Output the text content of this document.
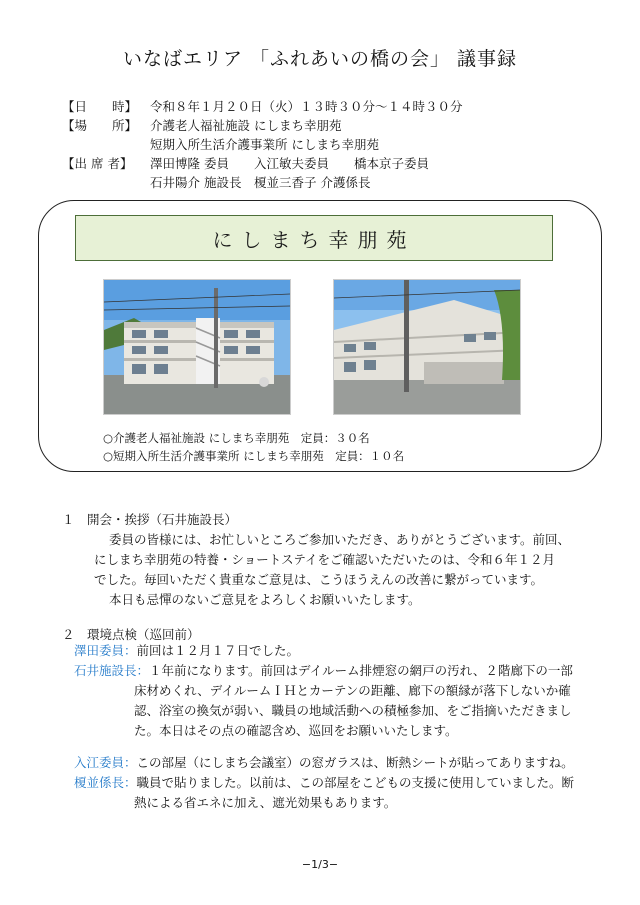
いなばエリア 「ふれあいの橋の会」 議事録
【日　　時】	令和８年１月２０日（火）１３時３０分〜１４時３０分
【場　　所】	介護老人福祉施設 にしまち幸朋苑
短期入所生活介護事業所 にしまち幸朋苑
【出 席 者】	澤田博隆 委員　　入江敏夫委員　　橋本京子委員
石井陽介 施設長　榎並三香子 介護係長
にしまち幸朋苑
○介護老人福祉施設 にしまち幸朋苑　定員：３０名
○短期入所生活介護事業所 にしまち幸朋苑　定員：１０名
１　開会・挨拶（石井施設長）

委員の皆様には、お忙しいところご参加いただき、ありがとうございます。前回、

にしまち幸朋苑の特養・ショートステイをご確認いただいたのは、令和６年１２月

でした。毎回いただく貴重なご意見は、こうほうえんの改善に繋がっています。

本日も忌憚のないご意見をよろしくお願いいたします。

２　環境点検（巡回前）
澤田委員： 前回は１２月１７日でした。
石井施設長： １年前になります。前回はデイルーム排煙窓の網戸の汚れ、２階廊下の一部
床材めくれ、デイルームＩＨとカーテンの距離、廊下の額縁が落下しないか確
認、浴室の換気が弱い、職員の地域活動への積極参加、をご指摘いただきまし
た。本日はその点の確認含め、巡回をお願いいたします。
入江委員： この部屋（にしまち会議室）の窓ガラスは、断熱シートが貼ってありますね。
榎並係長： 職員で貼りました。以前は、この部屋をこどもの支援に使用していました。断
熱による省エネに加え、遮光効果もあります。
−1/3−
